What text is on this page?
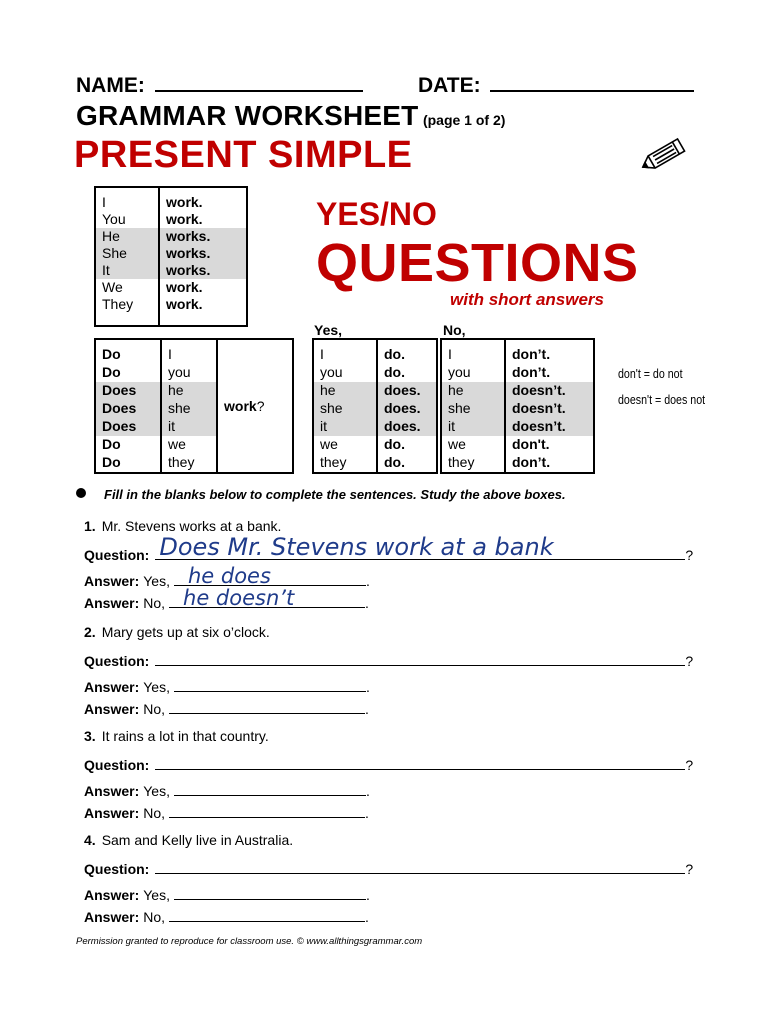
NAME:	DATE:
GRAMMAR WORKSHEET (page 1 of 2)
PRESENT SIMPLE
I	work.
You	work.
He	works.
She	works.
It	works.
We	work.
They	work.
YES/NO
QUESTIONS
with short answers
Yes,	No,
Do	I	work?
Do	you	
Does	he	
Does	she	
Does	it	
Do	we	
Do	they	
I	do.
you	do.
he	does.
she	does.
it	does.
we	do.
they	do.
I	don’t.
you	don’t.
he	doesn’t.
she	doesn’t.
it	doesn’t.
we	don't.
they	don’t.
don't = do not
doesn't = does not
Fill in the blanks below to complete the sentences. Study the above boxes.
1. Mr. Stevens works at a bank.
Question: Does Mr. Stevens work at a bank	?
Answer: Yes, he does	.
Answer: No, he doesn’t	.
2. Mary gets up at six o’clock.
Question:	?
Answer: Yes,	.
Answer: No,	.
3. It rains a lot in that country.
Question:	?
Answer: Yes,	.
Answer: No,	.
4. Sam and Kelly live in Australia.
Question:	?
Answer: Yes,	.
Answer: No,	.
Permission granted to reproduce for classroom use. © www.allthingsgrammar.com
